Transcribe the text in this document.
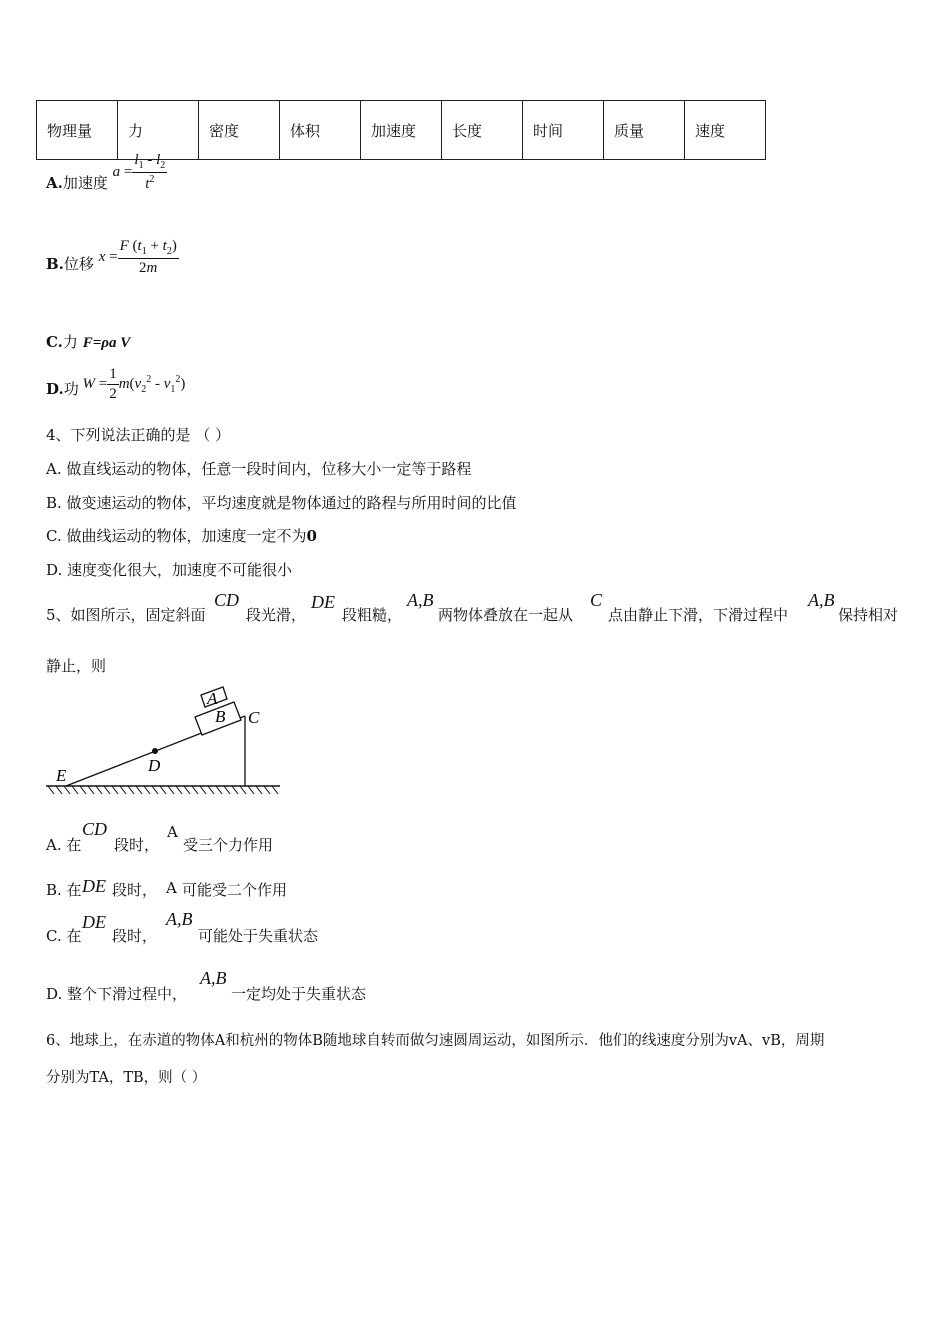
物理量	力	密度	体积	加速度	长度	时间	质量	速度
A.加速度 $a = \frac{l_1 - l_2}{t^2}$
B.位移 $x = \frac{F (t_1 + t_2)}{2m}$
C.力 F=ρa V
D.功 $W = \frac{1}{2} m(v_2^2 - v_1^2)$
4、下列说法正确的是 （ ）
A. 做直线运动的物体，任意一段时间内，位移大小一定等于路程
B. 做变速运动的物体，平均速度就是物体通过的路程与所用时间的比值
C. 做曲线运动的物体，加速度一定不为0
D. 速度变化很大，加速度不可能很小
5、如图所示，固定斜面
CD
段光滑，
DE
段粗糙，
A,B
两物体叠放在一起从
C
点由静止下滑，下滑过程中
A,B
保持相对
静止，则
A
B C
D
E
A. 在
CD
段时，
A
受三个力作用
B. 在 DE 段时， A 可能受二个作用
C. 在
DE
段时，
A,B
可能处于失重状态
D. 整个下滑过程中，
A,B
一定均处于失重状态
6、地球上，在赤道的物体A和杭州的物体B随地球自转而做匀速圆周运动，如图所示．他们的线速度分别为vA、vB，周期
分别为TA，TB，则（ ）
